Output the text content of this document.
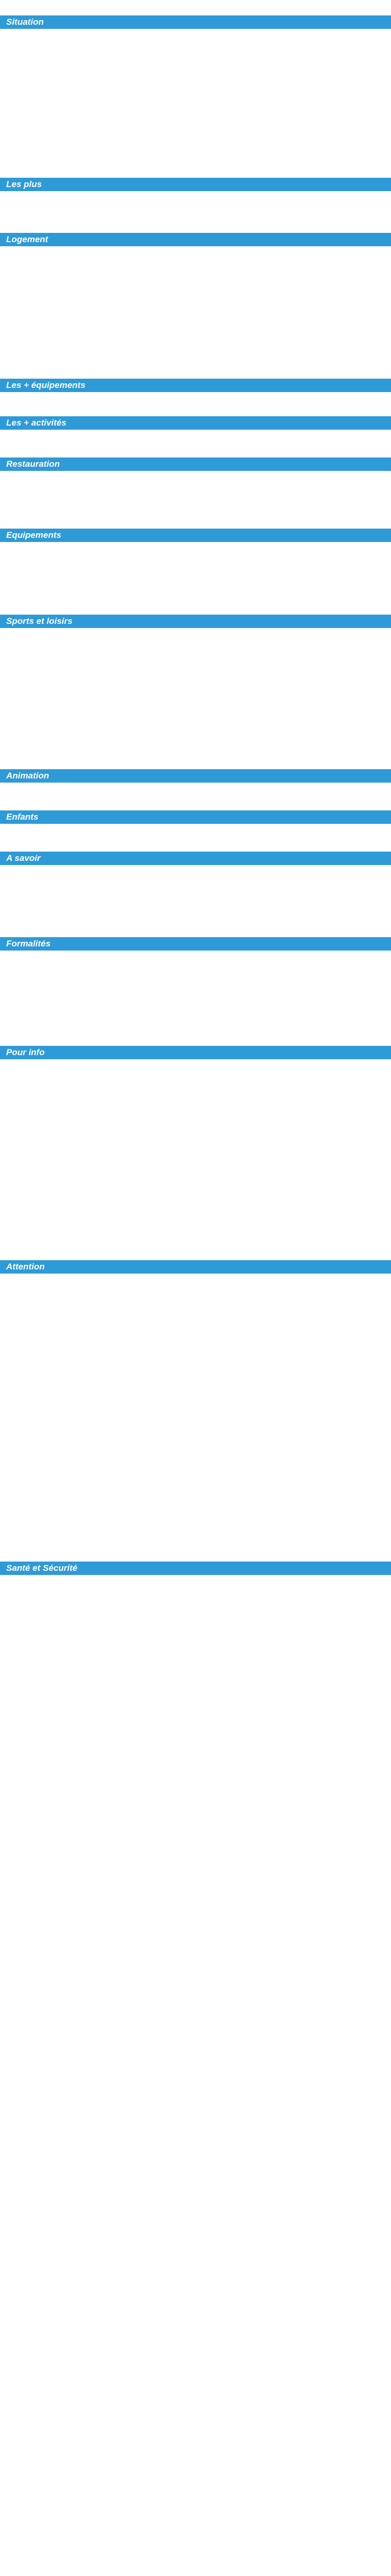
Situation
Les plus
Logement
Les + équipements
Les + activités
Restauration
Equipements
Sports et loisirs
Animation
Enfants
A savoir
Formalités
Pour info
Attention
Santé et Sécurité
